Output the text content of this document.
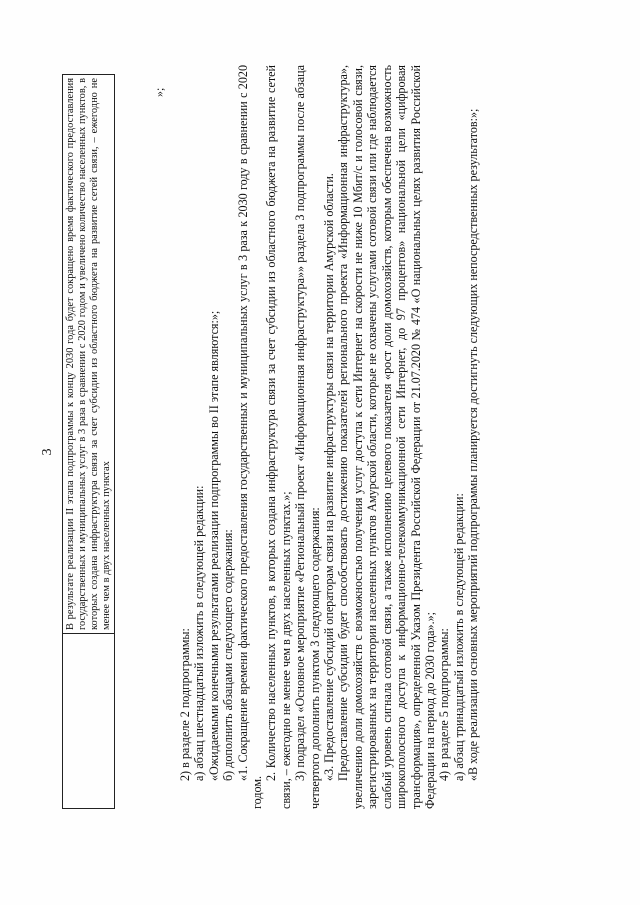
3
	В результате реализации II этапа подпрограммы к концу 2030 года будет сокращено время фактического предоставления государственных и муниципальных услуг в 3 раза в сравнении с 2020 годом и увеличено количество населенных пунктов, в которых создана инфраструктура связи за счет субсидии из областного бюджета на развитие сетей связи, – ежегодно не менее чем в двух населенных пунктах
»;

2) в разделе 2 подпрограммы: а) абзац шестнадцатый изложить в следующей редакции: «Ожидаемыми конечными результатами реализации подпрограммы во II этапе являются:»; б) дополнить абзацами следующего содержания: «1. Сокращение времени фактического предоставления государственных и муниципальных услуг в 3 раза к 2030 году в сравнении с 2020 годом.

2. Количество населенных пунктов, в которых создана инфраструктура связи за счет субсидии из областного бюджета на развитие сетей связи, – ежегодно не менее чем в двух населенных пунктах.»; 3) подраздел «Основное мероприятие «Региональный проект «Информационная инфраструктура»» раздела 3 подпрограммы после абзаца четвертого дополнить пунктом 3 следующего содержания: «3. Предоставление субсидий операторам связи на развитие инфраструктуры связи на территории Амурской области. Предоставление субсидии будет способствовать достижению показателей регионального проекта «Информационная инфраструктура», увеличению доли домохозяйств с возможностью получения услуг доступа к сети Интернет на скорости не ниже 10 Мбит/с и голосовой связи, зарегистрированных на территории населенных пунктов Амурской области, которые не охвачены услугами сотовой связи или где наблюдается слабый уровень сигнала сотовой связи, а также исполнению целевого показателя «рост доли домохозяйств, которым обеспечена возможность широкополосного доступа к информационно-телекоммуникационной сети Интернет, до 97 процентов» национальной цели «цифровая трансформация», определенной Указом Президента Российской Федерации от 21.07.2020 № 474 «О национальных целях развития Российской Федерации на период до 2030 года».»; 4) в разделе 5 подпрограммы: а) абзац тринадцатый изложить в следующей редакции: «В ходе реализации основных мероприятий подпрограммы планируется достигнуть следующих непосредственных результатов:»;
